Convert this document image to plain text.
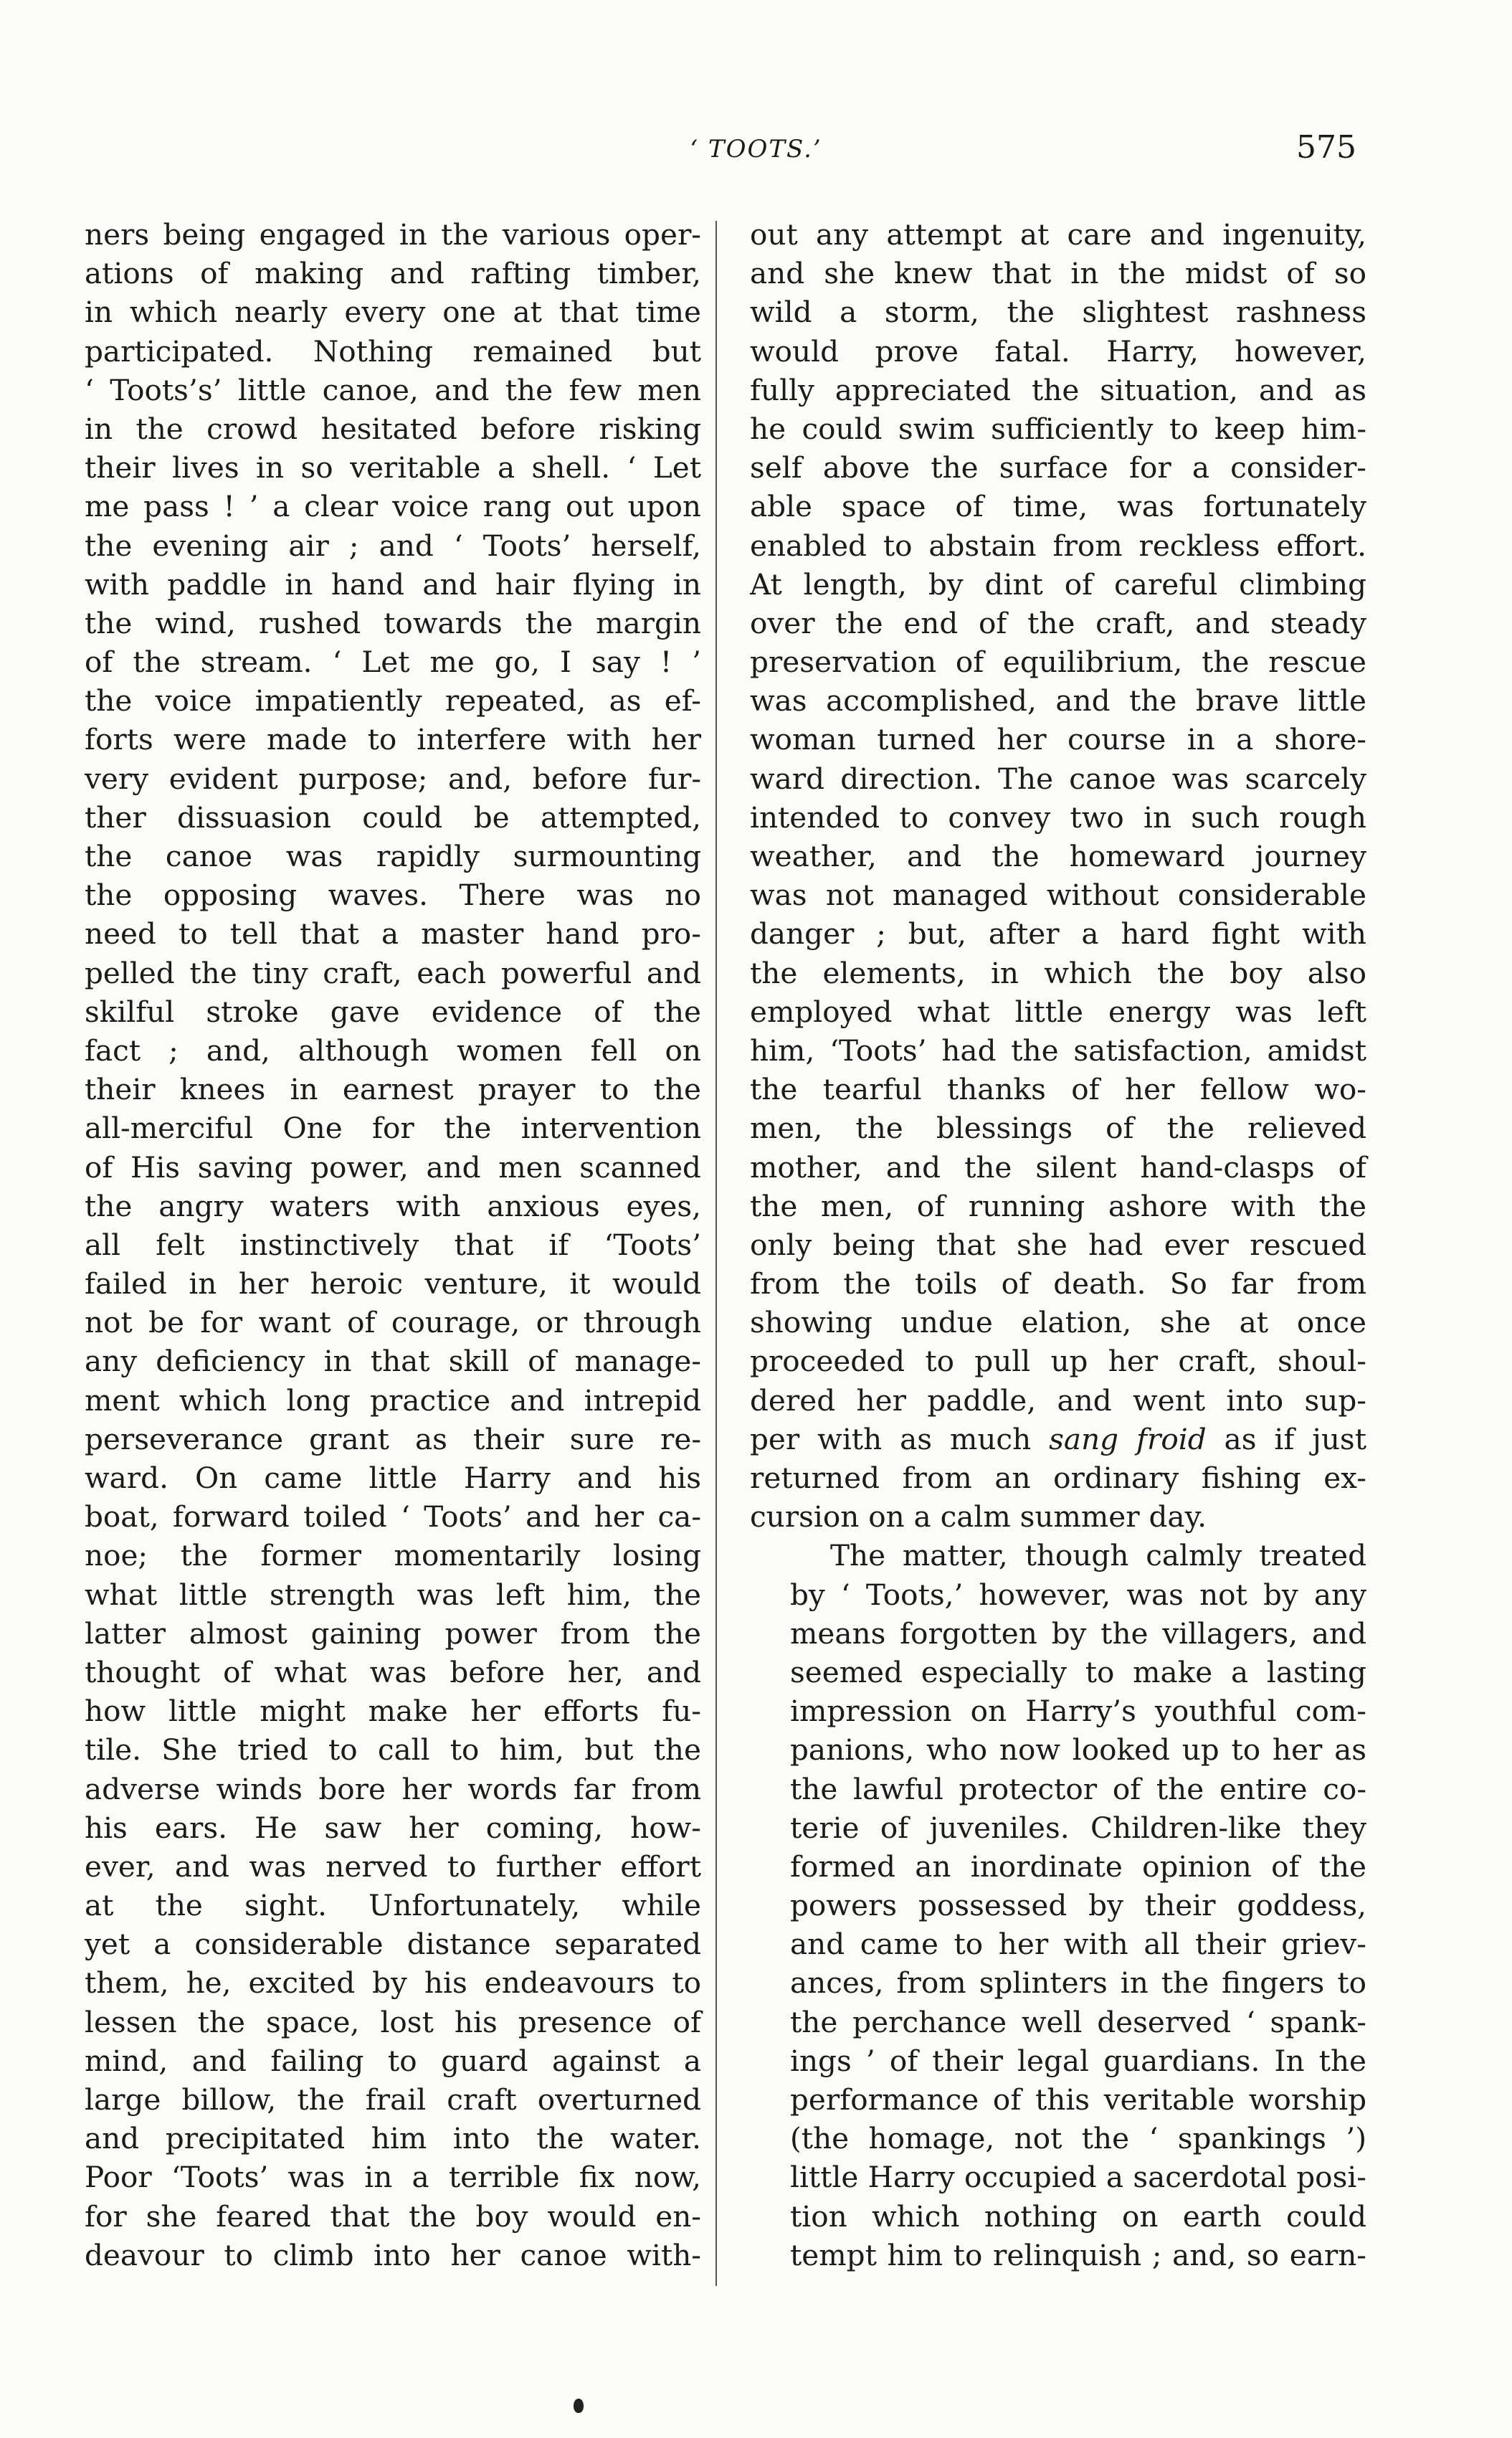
‘ TOOTS.’	575
ners being engaged in the various oper-
ations of making and rafting timber,
in which nearly every one at that time
participated. Nothing remained but
‘ Toots’s’ little canoe, and the few men
in the crowd hesitated before risking
their lives in so veritable a shell. ‘ Let
me pass ! ’ a clear voice rang out upon
the evening air ; and ‘ Toots’ herself,
with paddle in hand and hair flying in
the wind, rushed towards the margin
of the stream. ‘ Let me go, I say ! ’
the voice impatiently repeated, as ef-
forts were made to interfere with her
very evident purpose; and, before fur-
ther dissuasion could be attempted,
the canoe was rapidly surmounting
the opposing waves. There was no
need to tell that a master hand pro-
pelled the tiny craft, each powerful and
skilful stroke gave evidence of the
fact ; and, although women fell on
their knees in earnest prayer to the
all-merciful One for the intervention
of His saving power, and men scanned
the angry waters with anxious eyes,
all felt instinctively that if ‘Toots’
failed in her heroic venture, it would
not be for want of courage, or through
any deficiency in that skill of manage-
ment which long practice and intrepid
perseverance grant as their sure re-
ward. On came little Harry and his
boat, forward toiled ‘ Toots’ and her ca-
noe; the former momentarily losing
what little strength was left him, the
latter almost gaining power from the
thought of what was before her, and
how little might make her efforts fu-
tile. She tried to call to him, but the
adverse winds bore her words far from
his ears. He saw her coming, how-
ever, and was nerved to further effort
at the sight. Unfortunately, while
yet a considerable distance separated
them, he, excited by his endeavours to
lessen the space, lost his presence of
mind, and failing to guard against a
large billow, the frail craft overturned
and precipitated him into the water.
Poor ‘Toots’ was in a terrible fix now,
for she feared that the boy would en-
deavour to climb into her canoe with-
out any attempt at care and ingenuity,
and she knew that in the midst of so
wild a storm, the slightest rashness
would prove fatal. Harry, however,
fully appreciated the situation, and as
he could swim sufficiently to keep him-
self above the surface for a consider-
able space of time, was fortunately
enabled to abstain from reckless effort.
At length, by dint of careful climbing
over the end of the craft, and steady
preservation of equilibrium, the rescue
was accomplished, and the brave little
woman turned her course in a shore-
ward direction. The canoe was scarcely
intended to convey two in such rough
weather, and the homeward journey
was not managed without considerable
danger ; but, after a hard fight with
the elements, in which the boy also
employed what little energy was left
him, ‘Toots’ had the satisfaction, amidst
the tearful thanks of her fellow wo-
men, the blessings of the relieved
mother, and the silent hand-clasps of
the men, of running ashore with the
only being that she had ever rescued
from the toils of death. So far from
showing undue elation, she at once
proceeded to pull up her craft, shoul-
dered her paddle, and went into sup-
per with as much sang froid as if just
returned from an ordinary fishing ex-
cursion on a calm summer day.
The matter, though calmly treated
by ‘ Toots,’ however, was not by any
means forgotten by the villagers, and
seemed especially to make a lasting
impression on Harry’s youthful com-
panions, who now looked up to her as
the lawful protector of the entire co-
terie of juveniles. Children-like they
formed an inordinate opinion of the
powers possessed by their goddess,
and came to her with all their griev-
ances, from splinters in the fingers to
the perchance well deserved ‘ spank-
ings ’ of their legal guardians. In the
performance of this veritable worship
(the homage, not the ‘ spankings ’)
little Harry occupied a sacerdotal posi-
tion which nothing on earth could
tempt him to relinquish ; and, so earn-
